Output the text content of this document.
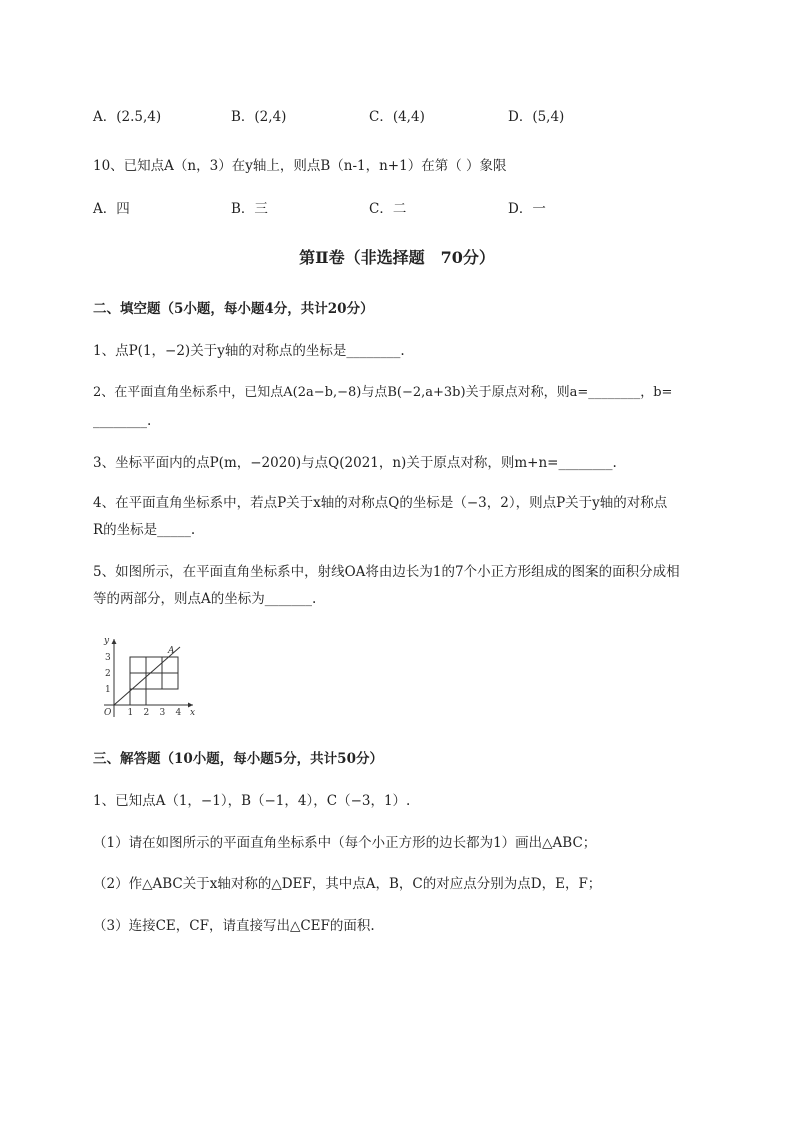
A．(2.5,4)	B．(2,4)	C．(4,4)	D．(5,4)
10、已知点A（n，3）在y轴上，则点B（n-1，n+1）在第（ ）象限
A．四	B．三	C．二	D．一
第Ⅱ卷（非选择题　70分）
二、填空题（5小题，每小题4分，共计20分）
1、点P(1，−2)关于y轴的对称点的坐标是________.
2、在平面直角坐标系中，已知点A(2a−b,−8)与点B(−2,a+3b)关于原点对称，则a=________，b=
________.
3、坐标平面内的点P(m，−2020)与点Q(2021，n)关于原点对称，则m+n=________.
4、在平面直角坐标系中，若点P关于x轴的对称点Q的坐标是（−3，2），则点P关于y轴的对称点
R的坐标是_____.
5、如图所示，在平面直角坐标系中，射线OA将由边长为1的7个小正方形组成的图案的面积分成相
等的两部分，则点A的坐标为_______.
y
x
O
A
1 2 3 4
1
2
3
三、解答题（10小题，每小题5分，共计50分）
1、已知点A（1，−1），B（−1，4），C（−3，1）.
（1）请在如图所示的平面直角坐标系中（每个小正方形的边长都为1）画出△ABC；
（2）作△ABC关于x轴对称的△DEF，其中点A，B，C的对应点分别为点D，E，F；
（3）连接CE，CF，请直接写出△CEF的面积.
